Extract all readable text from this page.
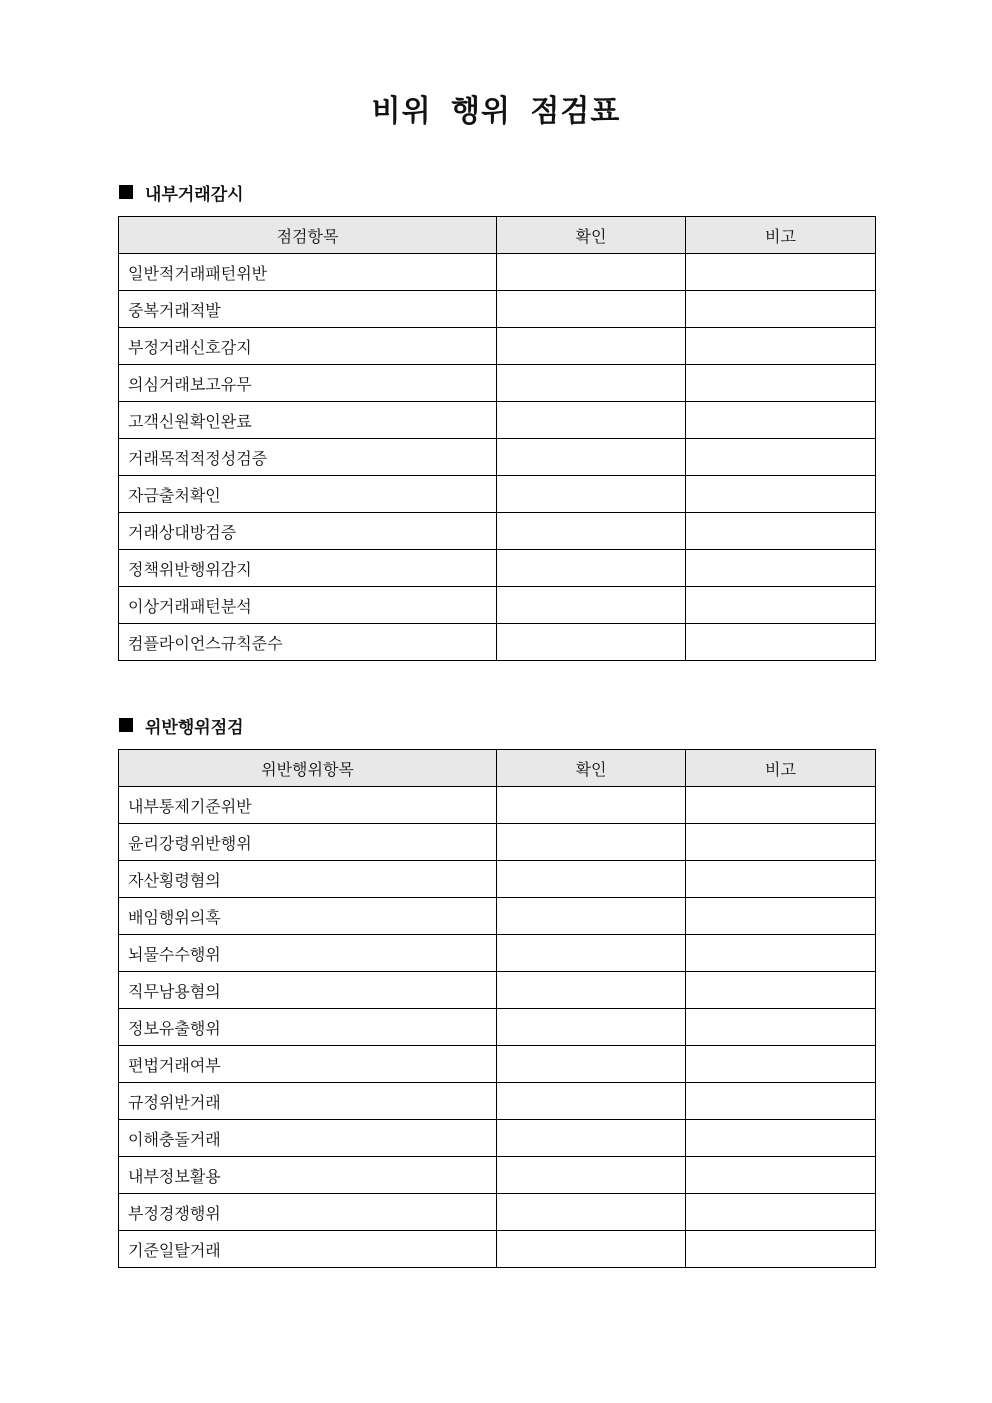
비위 행위 점검표
내부거래감시
점검항목	확인	비고
일반적거래패턴위반		
중복거래적발		
부정거래신호감지		
의심거래보고유무		
고객신원확인완료		
거래목적적정성검증		
자금출처확인		
거래상대방검증		
정책위반행위감지		
이상거래패턴분석		
컴플라이언스규칙준수		
위반행위점검
위반행위항목	확인	비고
내부통제기준위반		
윤리강령위반행위		
자산횡령혐의		
배임행위의혹		
뇌물수수행위		
직무남용혐의		
정보유출행위		
편법거래여부		
규정위반거래		
이해충돌거래		
내부정보활용		
부정경쟁행위		
기준일탈거래		
